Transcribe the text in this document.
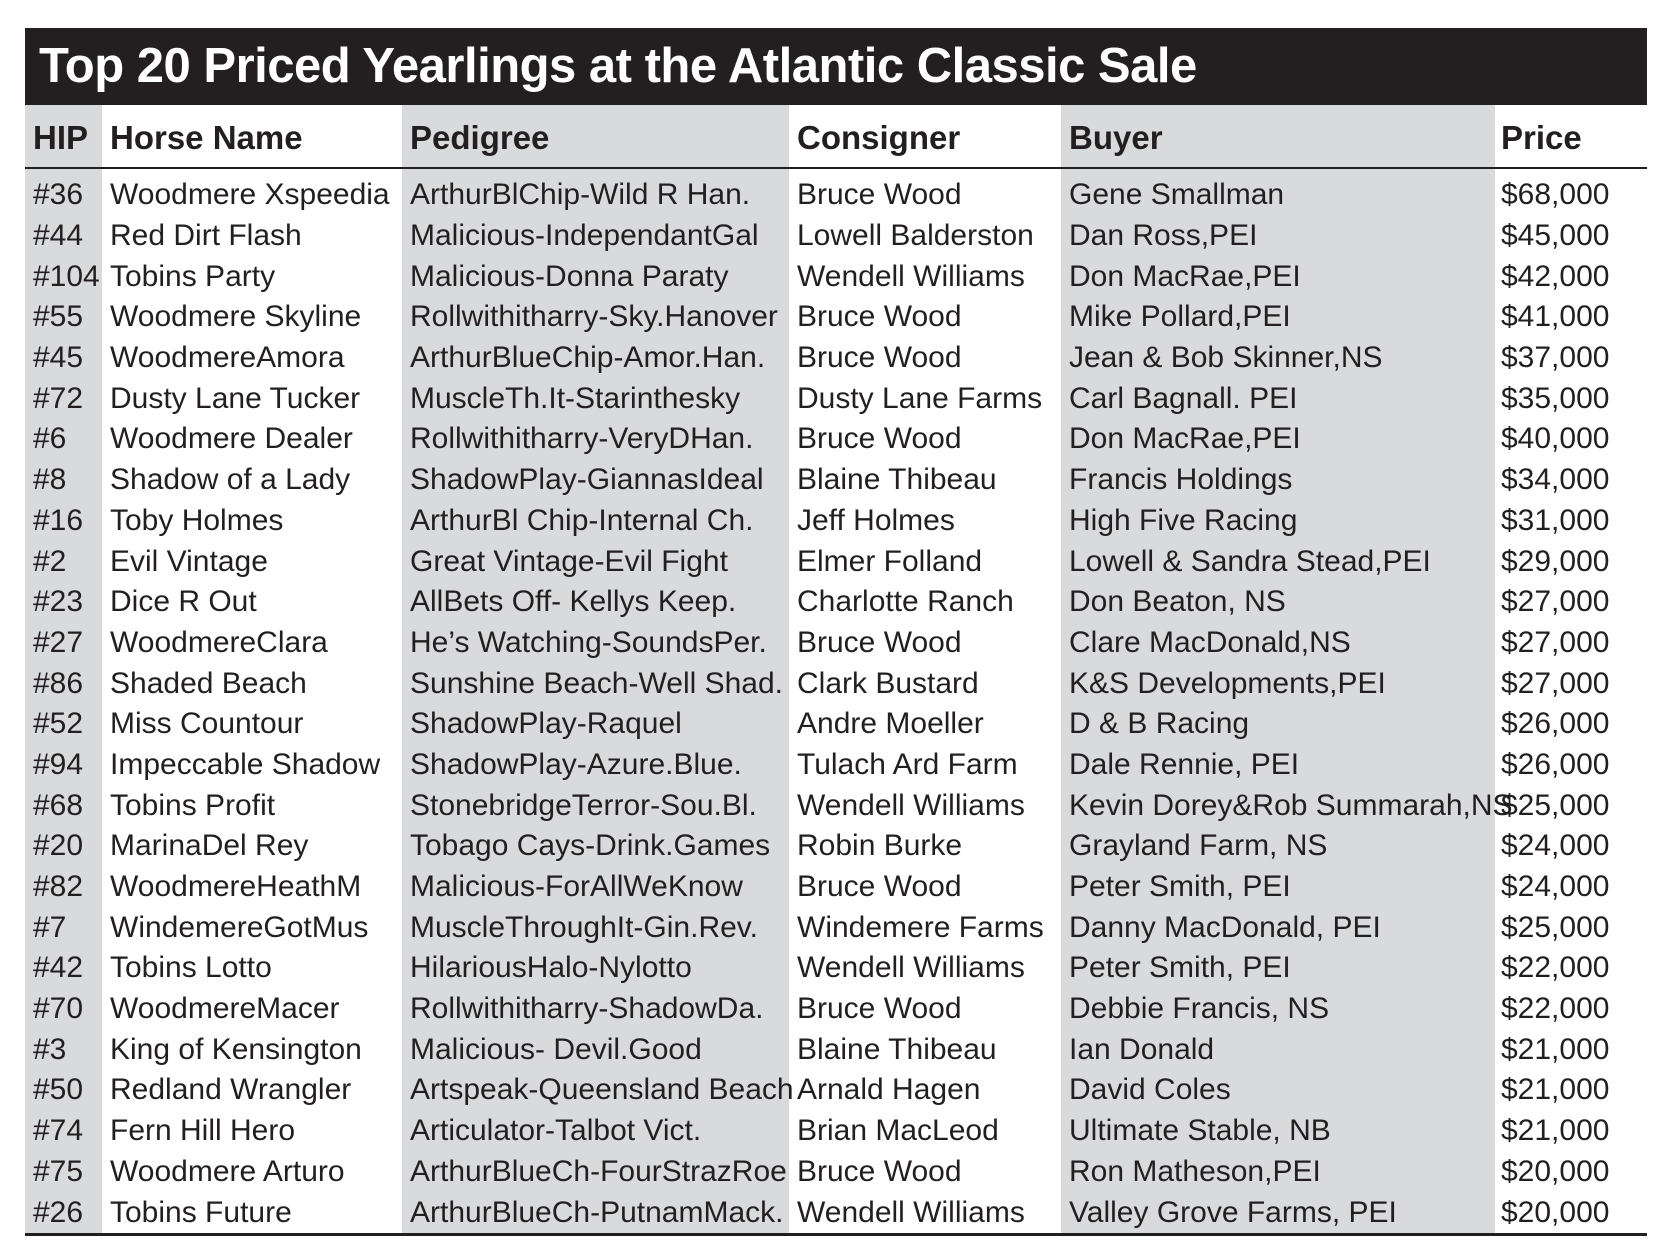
Top 20 Priced Yearlings at the Atlantic Classic Sale
HIP	Horse Name	Pedigree	Consigner	Buyer	Price
#36	Woodmere Xspeedia	ArthurBlChip-Wild R Han.	Bruce Wood	Gene Smallman	$68,000
#44	Red Dirt Flash	Malicious-IndependantGal	Lowell Balderston	Dan Ross,PEI	$45,000
#104	Tobins Party	Malicious-Donna Paraty	Wendell Williams	Don MacRae,PEI	$42,000
#55	Woodmere Skyline	Rollwithitharry-Sky.Hanover	Bruce Wood	Mike Pollard,PEI	$41,000
#45	WoodmereAmora	ArthurBlueChip-Amor.Han.	Bruce Wood	Jean & Bob Skinner,NS	$37,000
#72	Dusty Lane Tucker	MuscleTh.It-Starinthesky	Dusty Lane Farms	Carl Bagnall. PEI	$35,000
#6	Woodmere Dealer	Rollwithitharry-VeryDHan.	Bruce Wood	Don MacRae,PEI	$40,000
#8	Shadow of a Lady	ShadowPlay-GiannasIdeal	Blaine Thibeau	Francis Holdings	$34,000
#16	Toby Holmes	ArthurBl Chip-Internal Ch.	Jeff Holmes	High Five Racing	$31,000
#2	Evil Vintage	Great Vintage-Evil Fight	Elmer Folland	Lowell & Sandra Stead,PEI	$29,000
#23	Dice R Out	AllBets Off- Kellys Keep.	Charlotte Ranch	Don Beaton, NS	$27,000
#27	WoodmereClara	He’s Watching-SoundsPer.	Bruce Wood	Clare MacDonald,NS	$27,000
#86	Shaded Beach	Sunshine Beach-Well Shad.	Clark Bustard	K&S Developments,PEI	$27,000
#52	Miss Countour	ShadowPlay-Raquel	Andre Moeller	D & B Racing	$26,000
#94	Impeccable Shadow	ShadowPlay-Azure.Blue.	Tulach Ard Farm	Dale Rennie, PEI	$26,000
#68	Tobins Profit	StonebridgeTerror-Sou.Bl.	Wendell Williams	Kevin Dorey&Rob Summarah,NS	$25,000
#20	MarinaDel Rey	Tobago Cays-Drink.Games	Robin Burke	Grayland Farm, NS	$24,000
#82	WoodmereHeathM	Malicious-ForAllWeKnow	Bruce Wood	Peter Smith, PEI	$24,000
#7	WindemereGotMus	MuscleThroughIt-Gin.Rev.	Windemere Farms	Danny MacDonald, PEI	$25,000
#42	Tobins Lotto	HilariousHalo-Nylotto	Wendell Williams	Peter Smith, PEI	$22,000
#70	WoodmereMacer	Rollwithitharry-ShadowDa.	Bruce Wood	Debbie Francis, NS	$22,000
#3	King of Kensington	Malicious- Devil.Good	Blaine Thibeau	Ian Donald	$21,000
#50	Redland Wrangler	Artspeak-Queensland Beach	Arnald Hagen	David Coles	$21,000
#74	Fern Hill Hero	Articulator-Talbot Vict.	Brian MacLeod	Ultimate Stable, NB	$21,000
#75	Woodmere Arturo	ArthurBlueCh-FourStrazRoe	Bruce Wood	Ron Matheson,PEI	$20,000
#26	Tobins Future	ArthurBlueCh-PutnamMack.	Wendell Williams	Valley Grove Farms, PEI	$20,000
